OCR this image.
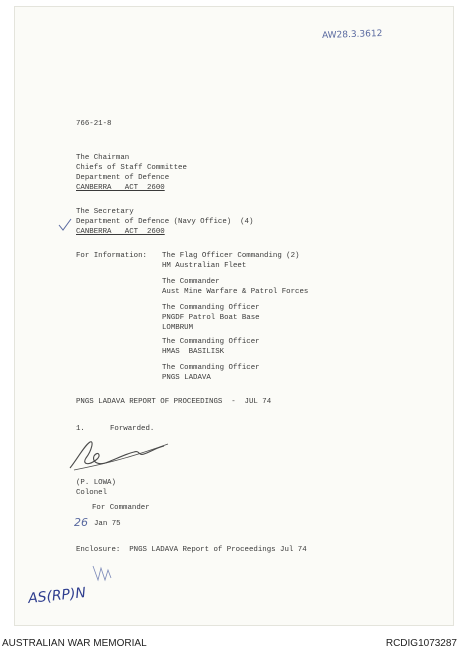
AW28.3.3612
766-21-8
The Chairman
Chiefs of Staff Committee
Department of Defence
CANBERRA   ACT  2600
The Secretary
Department of Defence (Navy Office)  (4)
CANBERRA   ACT  2600
For Information: The Flag Officer Commanding (2)
HM Australian Fleet
The Commander
Aust Mine Warfare & Patrol Forces
The Commanding Officer
PNGDF Patrol Boat Base
LOMBRUM
The Commanding Officer
HMAS  BASILISK
The Commanding Officer
PNGS LADAVA
PNGS LADAVA REPORT OF PROCEEDINGS  -  JUL 74
1.	Forwarded.
(P. LOWA)
Colonel
For Commander
26 Jan 75
Enclosure:  PNGS LADAVA Report of Proceedings Jul 74
AS(RP)N
AUSTRALIAN WAR MEMORIAL	RCDIG1073287
